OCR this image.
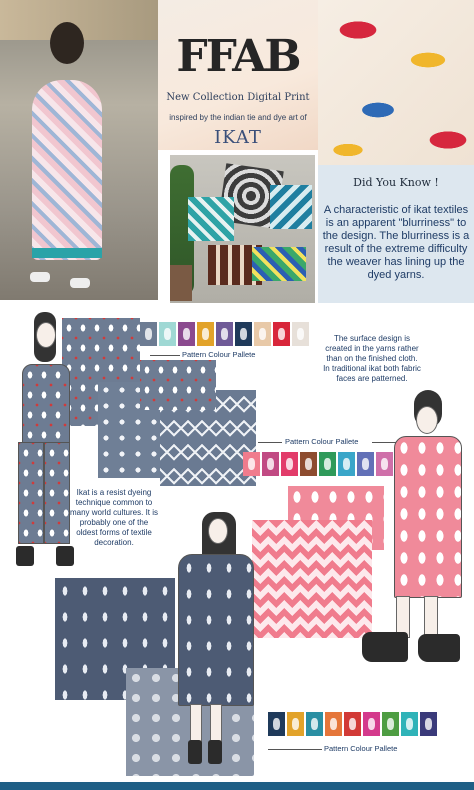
FFAB
New Collection Digital Print
inspired by the indian tie and dye art of
IKAT
Did You Know !
A characteristic of ikat textiles is an apparent "blurriness" to the design. The blurriness is a result of the extreme difficulty the weaver has lining up the dyed yarns.
Pattern Colour Pallete
Pattern Colour Pallete
Pattern Colour Pallete
The surface design is created in the yarns rather than on the finished cloth. In traditional ikat both fabric faces are patterned.
Ikat is a resist dyeing technique common to many world cultures. It is probably one of the oldest forms of textile decoration.
